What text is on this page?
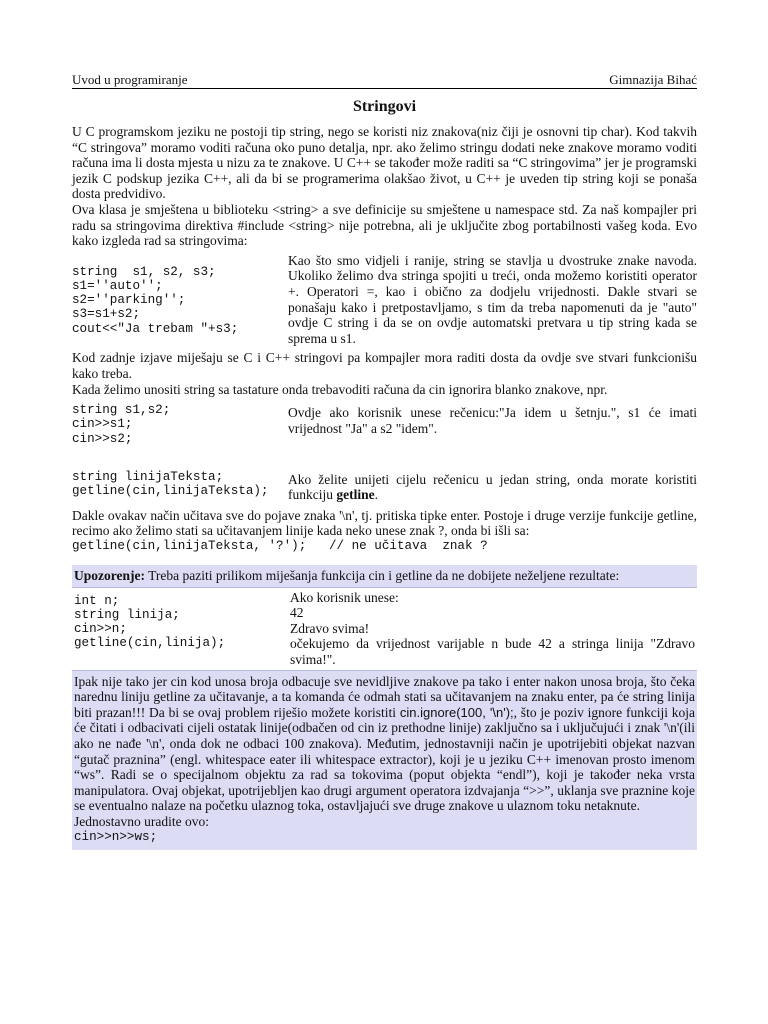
Uvod u programiranje	Gimnazija Bihać
Stringovi

U C programskom jeziku ne postoji tip string, nego se koristi niz znakova(niz čiji je osnovni tip char). Kod takvih “C stringova” moramo voditi računa oko puno detalja, npr. ako želimo stringu dodati neke znakove moramo voditi računa ima li dosta mjesta u nizu za te znakove. U C++ se također može raditi sa “C stringovima” jer je programski jezik C podskup jezika C++, ali da bi se programerima olakšao život, u C++ je uveden tip string koji se ponaša dosta predvidivo.

Ova klasa je smještena u biblioteku <string> a sve definicije su smještene u namespace std. Za naš kompajler pri radu sa stringovima direktiva #include <string> nije potrebna, ali je uključite zbog portabilnosti vašeg koda. Evo kako izgleda rad sa stringovima:

string  s1, s2, s3;
s1=''auto'';
s2=''parking'';
s3=s1+s2;
cout<<"Ja trebam "+s3;

Kao što smo vidjeli i ranije, string se stavlja u dvostruke znake navoda. Ukoliko želimo dva stringa spojiti u treći, onda možemo koristiti operator +. Operatori =, kao i obično za dodjelu vrijednosti. Dakle stvari se ponašaju kako i pretpostavljamo, s tim da treba napomenuti da je "auto" ovdje C string i da se on ovdje automatski pretvara u tip string kada se sprema u s1.

Kod zadnje izjave miješaju se C i C++ stringovi pa kompajler mora raditi dosta da ovdje sve stvari funkcionišu kako treba.

Kada želimo unositi string sa tastature onda trebavoditi računa da cin ignorira blanko znakove, npr.

string s1,s2;
cin>>s1;
cin>>s2;

Ovdje ako korisnik unese rečenicu:"Ja idem u šetnju.", s1 će imati vrijednost "Ja" a s2 "idem".

string linijaTeksta;
getline(cin,linijaTeksta);

Ako želite unijeti cijelu rečenicu u jedan string, onda morate koristiti funkciju getline.

Dakle ovakav način učitava sve do pojave znaka '\n', tj. pritiska tipke enter. Postoje i druge verzije funkcije getline, recimo ako želimo stati sa učitavanjem linije kada neko unese znak ?, onda bi išli sa:

getline(cin,linijaTeksta, '?');   // ne učitava  znak ?

Upozorenje: Treba paziti prilikom miješanja funkcija cin i getline da ne dobijete neželjene rezultate:

int n;
string linija;
cin>>n;
getline(cin,linija);

Ako korisnik unese:

42

Zdravo svima!

očekujemo da vrijednost varijable n bude 42 a stringa linija "Zdravo svima!".

Ipak nije tako jer cin kod unosa broja odbacuje sve nevidljive znakove pa tako i enter nakon unosa broja, što čeka narednu liniju getline za učitavanje, a ta komanda će odmah stati sa učitavanjem na znaku enter, pa će string linija biti prazan!!! Da bi se ovaj problem riješio možete koristiti cin.ignore(100, '\n');, što je poziv ignore funkciji koja će čitati i odbacivati cijeli ostatak linije(odbačen od cin iz prethodne linije) zaključno sa i uključujući i znak '\n'(ili ako ne nađe '\n', onda dok ne odbaci 100 znakova). Međutim, jednostavniji način je upotrijebiti objekat nazvan “gutač praznina” (engl. whitespace eater ili whitespace extractor), koji je u jeziku C++ imenovan prosto imenom “ws”. Radi se o specijalnom objektu za rad sa tokovima (poput objekta “endl”), koji je također neka vrsta manipulatora. Ovaj objekat, upotrijebljen kao drugi argument operatora izdvajanja “>>”, uklanja sve praznine koje se eventualno nalaze na početku ulaznog toka, ostavljajući sve druge znakove u ulaznom toku netaknute.

Jednostavno uradite ovo:

cin>>n>>ws;
